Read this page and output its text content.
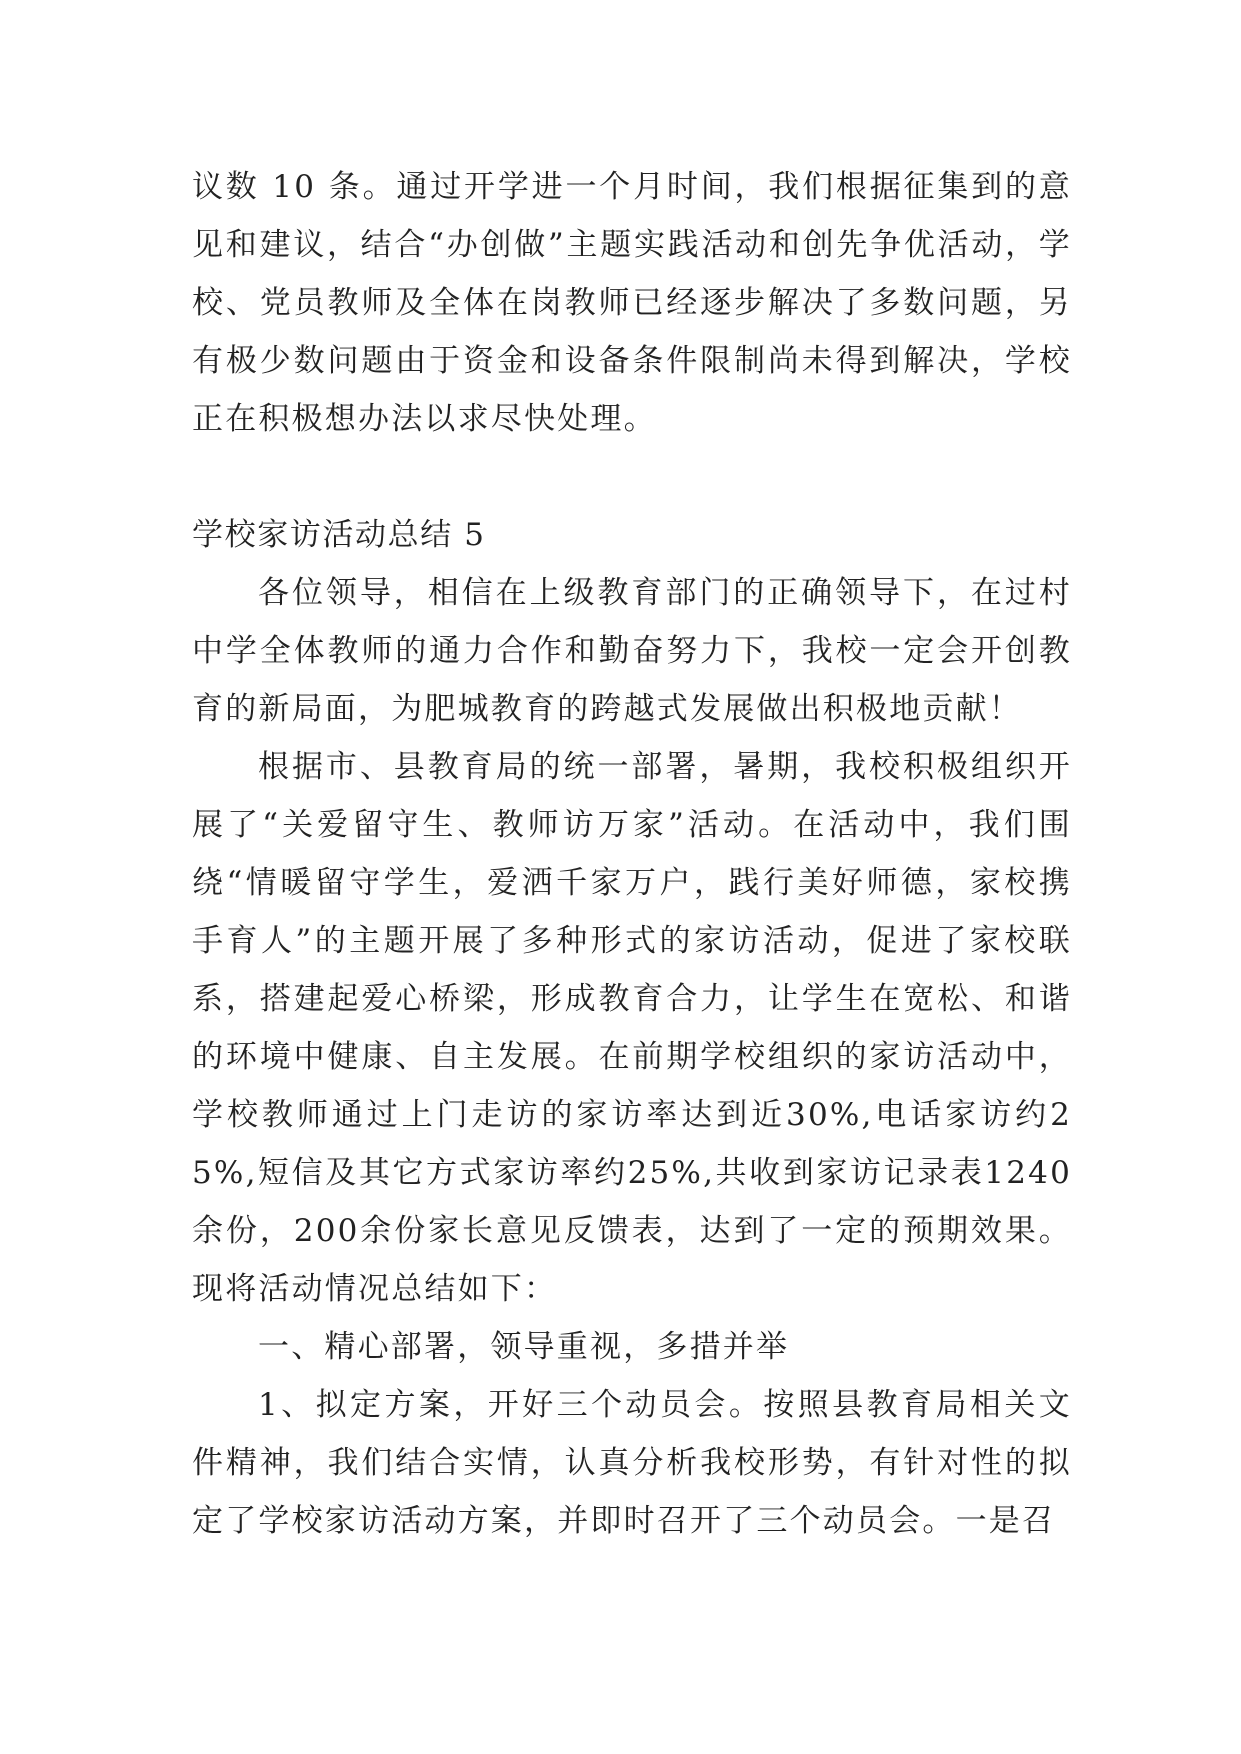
议数 10 条。通过开学进一个月时间，我们根据征集到的意见和建议，结合“办创做”主题实践活动和创先争优活动，学校、党员教师及全体在岗教师已经逐步解决了多数问题，另有极少数问题由于资金和设备条件限制尚未得到解决，学校正在积极想办法以求尽快处理。

学校家访活动总结 5

各位领导，相信在上级教育部门的正确领导下，在过村中学全体教师的通力合作和勤奋努力下，我校一定会开创教育的新局面，为肥城教育的跨越式发展做出积极地贡献！

根据市、县教育局的统一部署，暑期，我校积极组织开展了“关爱留守生、教师访万家”活动。在活动中，我们围绕“情暖留守学生，爱洒千家万户，践行美好师德，家校携手育人”的主题开展了多种形式的家访活动，促进了家校联系，搭建起爱心桥梁，形成教育合力，让学生在宽松、和谐的环境中健康、自主发展。在前期学校组织的家访活动中，学校教师通过上门走访的家访率达到近30%,电话家访约25%,短信及其它方式家访率约25%,共收到家访记录表1240余份，200余份家长意见反馈表，达到了一定的预期效果。现将活动情况总结如下：

一、精心部署，领导重视，多措并举

1、拟定方案，开好三个动员会。按照县教育局相关文件精神，我们结合实情，认真分析我校形势，有针对性的拟定了学校家访活动方案，并即时召开了三个动员会。一是召
